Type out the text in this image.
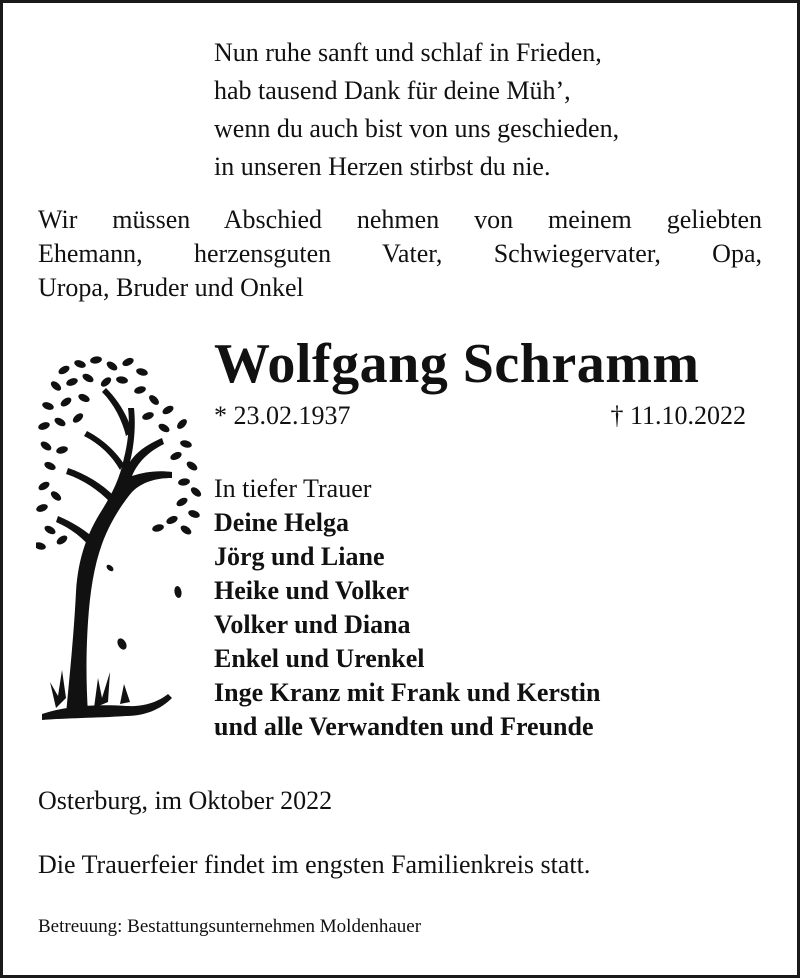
Nun ruhe sanft und schlaf in Frieden,
hab tausend Dank für deine Müh’,
wenn du auch bist von uns geschieden,
in unseren Herzen stirbst du nie.
Wir müssen Abschied nehmen von meinem geliebten
Ehemann, herzensguten Vater, Schwiegervater, Opa,
Uropa, Bruder und Onkel
Wolfgang Schramm
* 23.02.1937	† 11.10.2022
In tiefer Trauer
Deine Helga
Jörg und Liane
Heike und Volker
Volker und Diana
Enkel und Urenkel
Inge Kranz mit Frank und Kerstin
und alle Verwandten und Freunde
Osterburg, im Oktober 2022
Die Trauerfeier findet im engsten Familienkreis statt.
Betreuung: Bestattungsunternehmen Moldenhauer
